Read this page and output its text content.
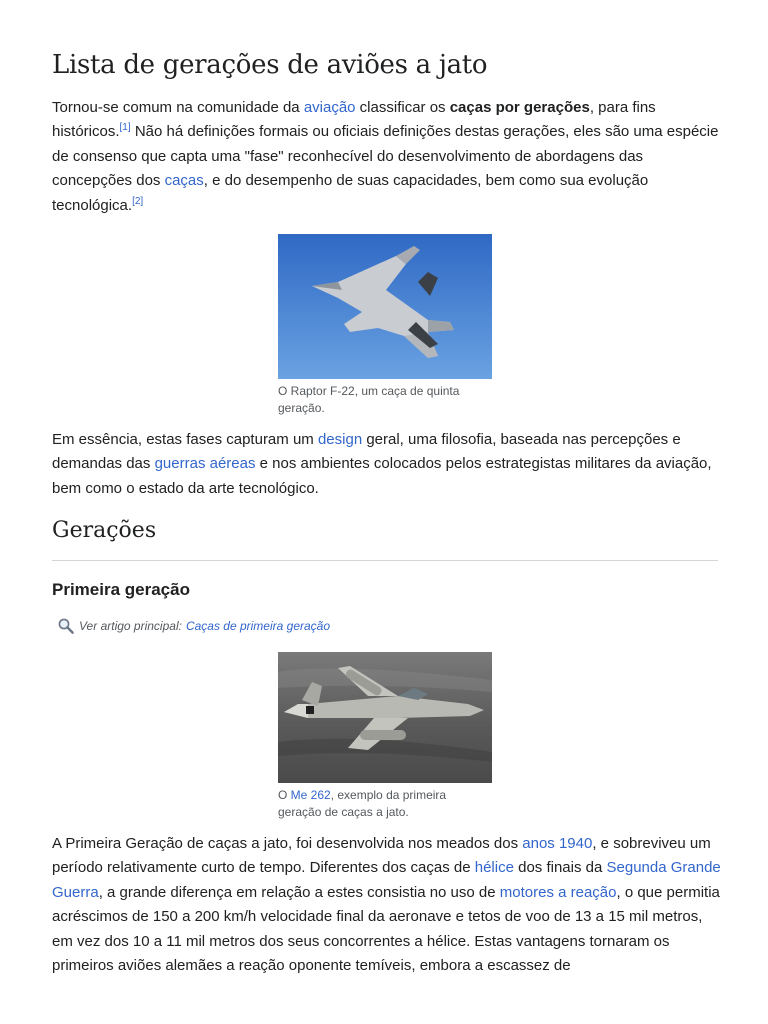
Lista de gerações de aviões a jato

Tornou-se comum na comunidade da aviação classificar os caças por gerações, para fins históricos.[1] Não há definições formais ou oficiais definições destas gerações, eles são uma espécie de consenso que capta uma "fase" reconhecível do desenvolvimento de abordagens das concepções dos caças, e do desempenho de suas capacidades, bem como sua evolução tecnológica.[2]

O Raptor F-22, um caça de quinta geração.

Em essência, estas fases capturam um design geral, uma filosofia, baseada nas percepções e demandas das guerras aéreas e nos ambientes colocados pelos estrategistas militares da aviação, bem como o estado da arte tecnológico.

Gerações
Primeira geração
Ver artigo principal: Caças de primeira geração
O Me 262, exemplo da primeira geração de caças a jato.

A Primeira Geração de caças a jato, foi desenvolvida nos meados dos anos 1940, e sobreviveu um período relativamente curto de tempo. Diferentes dos caças de hélice dos finais da Segunda Grande Guerra, a grande diferença em relação a estes consistia no uso de motores a reação, o que permitia acréscimos de 150 a 200 km/h velocidade final da aeronave e tetos de voo de 13 a 15 mil metros, em vez dos 10 a 11 mil metros dos seus concorrentes a hélice. Estas vantagens tornaram os primeiros aviões alemães a reação oponente temíveis, embora a escassez de
